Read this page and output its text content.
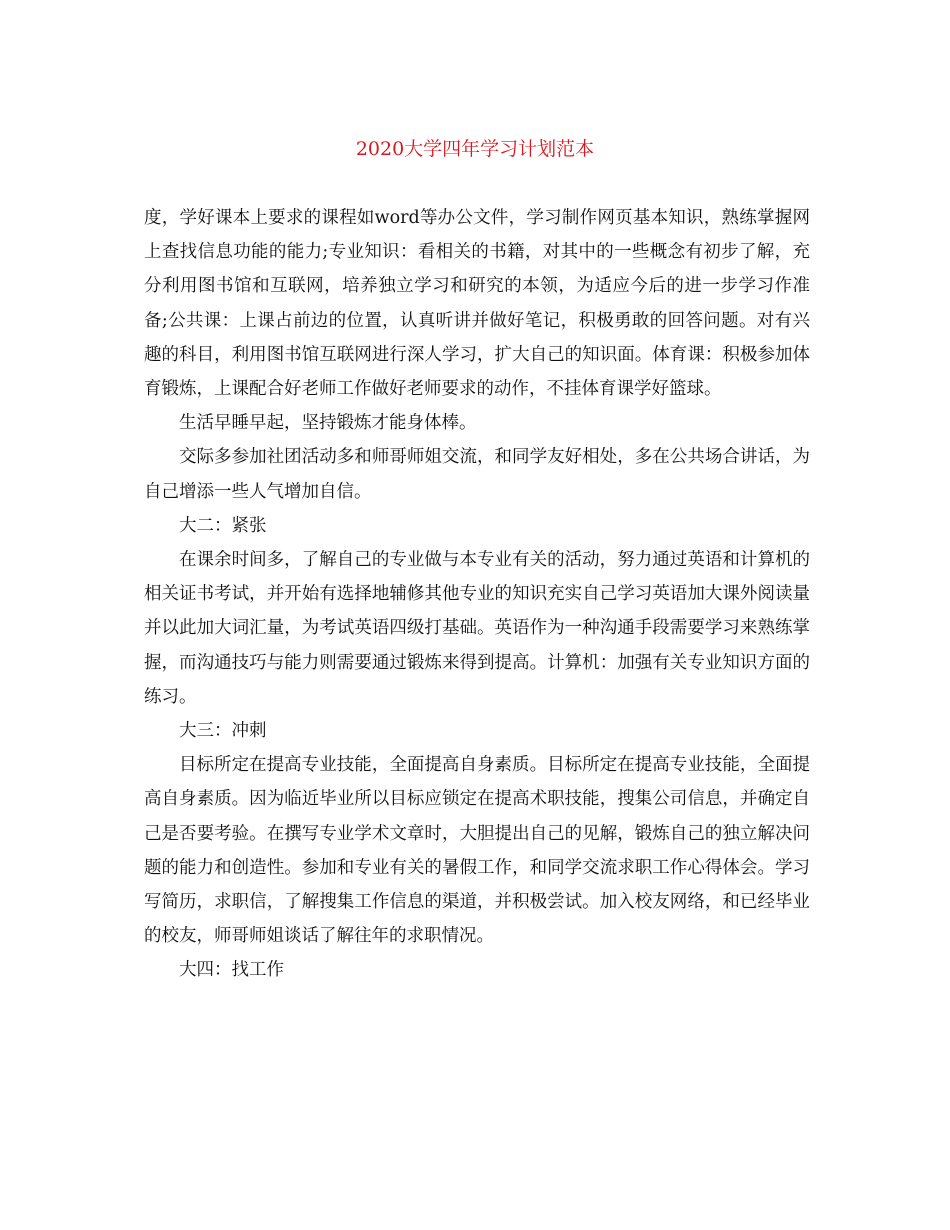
2020大学四年学习计划范本

度，学好课本上要求的课程如word等办公文件，学习制作网页基本知识，熟练掌握网上查找信息功能的能力;专业知识：看相关的书籍，对其中的一些概念有初步了解，充分利用图书馆和互联网，培养独立学习和研究的本领，为适应今后的进一步学习作准备;公共课：上课占前边的位置，认真听讲并做好笔记，积极勇敢的回答问题。对有兴趣的科目，利用图书馆互联网进行深人学习，扩大自己的知识面。体育课：积极参加体育锻炼，上课配合好老师工作做好老师要求的动作，不挂体育课学好篮球。

生活早睡早起，坚持锻炼才能身体棒。

交际多参加社团活动多和师哥师姐交流，和同学友好相处，多在公共场合讲话，为自己增添一些人气增加自信。

大二：紧张

在课余时间多，了解自己的专业做与本专业有关的活动，努力通过英语和计算机的相关证书考试，并开始有选择地辅修其他专业的知识充实自己学习英语加大课外阅读量并以此加大词汇量，为考试英语四级打基础。英语作为一种沟通手段需要学习来熟练掌握，而沟通技巧与能力则需要通过锻炼来得到提高。计算机：加强有关专业知识方面的练习。

大三：冲刺

目标所定在提高专业技能，全面提高自身素质。目标所定在提高专业技能，全面提高自身素质。因为临近毕业所以目标应锁定在提高术职技能，搜集公司信息，并确定自己是否要考验。在撰写专业学术文章时，大胆提出自己的见解，锻炼自己的独立解决问题的能力和创造性。参加和专业有关的暑假工作，和同学交流求职工作心得体会。学习写简历，求职信，了解搜集工作信息的渠道，并积极尝试。加入校友网络，和已经毕业的校友，师哥师姐谈话了解往年的求职情况。

大四：找工作
